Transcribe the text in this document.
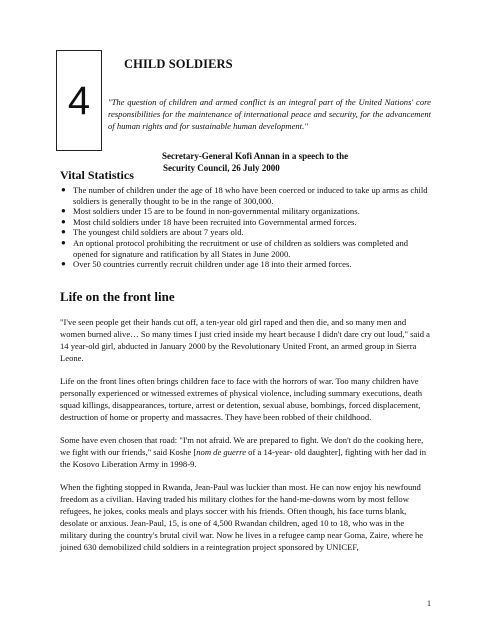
4
CHILD SOLDIERS

"The question of children and armed conflict is an integral part of the United Nations' core responsibilities for the maintenance of international peace and security, for the advancement of human rights and for sustainable human development."

Secretary-General Kofi Annan in a speech to the
Security Council, 26 July 2000
Vital Statistics
● The number of children under the age of 18 who have been coerced or induced to take up arms as child soldiers is generally thought to be in the range of 300,000.
● Most soldiers under 15 are to be found in non-governmental military organizations.
● Most child soldiers under 18 have been recruited into Governmental armed forces.
● The youngest child soldiers are about 7 years old.
● An optional protocol prohibiting the recruitment or use of children as soldiers was completed and opened for signature and ratification by all States in June 2000.
● Over 50 countries currently recruit children under age 18 into their armed forces.
Life on the front line

"I've seen people get their hands cut off, a ten-year old girl raped and then die, and so many men and women burned alive… So many times I just cried inside my heart because I didn't dare cry out loud," said a 14 year-old girl, abducted in January 2000 by the Revolutionary United Front, an armed group in Sierra Leone.

Life on the front lines often brings children face to face with the horrors of war. Too many children have personally experienced or witnessed extremes of physical violence, including summary executions, death squad killings, disappearances, torture, arrest or detention, sexual abuse, bombings, forced displacement, destruction of home or property and massacres. They have been robbed of their childhood.

Some have even chosen that road: "I'm not afraid. We are prepared to fight. We don't do the cooking here, we fight with our friends," said Koshe [nom de guerre of a 14-year- old daughter], fighting with her dad in the Kosovo Liberation Army in 1998-9.

When the fighting stopped in Rwanda, Jean-Paul was luckier than most. He can now enjoy his newfound freedom as a civilian. Having traded his military clothes for the hand-me-downs worn by most fellow refugees, he jokes, cooks meals and plays soccer with his friends. Often though, his face turns blank, desolate or anxious. Jean-Paul, 15, is one of 4,500 Rwandan children, aged 10 to 18, who was in the military during the country's brutal civil war. Now he lives in a refugee camp near Goma, Zaire, where he joined 630 demobilized child soldiers in a reintegration project sponsored by UNICEF,

1
